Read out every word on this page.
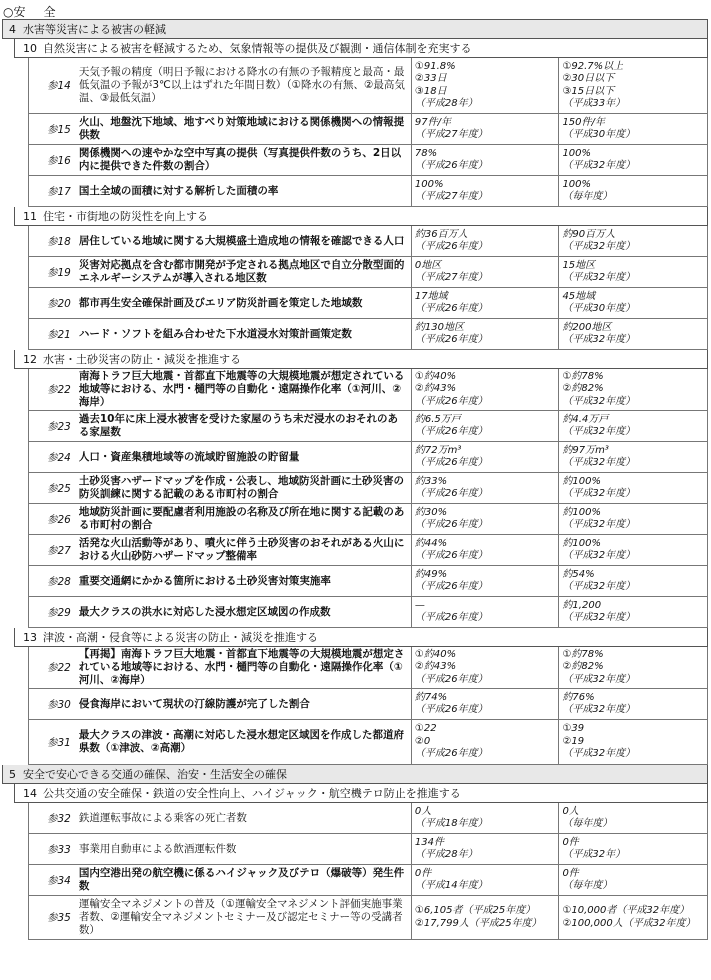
○安 全
4 水害等災害による被害の軽減
10 自然災害による被害を軽減するため、気象情報等の提供及び観測・通信体制を充実する
参14
天気予報の精度（明日予報における降水の有無の予報精度と最高・最低気温の予報が3℃以上はずれた年間日数）（①降水の有無、②最高気温、③最低気温）
①91.8%
②33日
③18日
（平成28年）
①92.7%以上
②30日以下
③15日以下
（平成33年）
参15
火山、地盤沈下地域、地すべり対策地域における関係機関への情報提供数
97件/年
（平成27年度）
150件/年
（平成30年度）
参16
関係機関への速やかな空中写真の提供（写真提供件数のうち、2日以内に提供できた件数の割合）
78%
（平成26年度）
100%
（平成32年度）
参17 国土全域の面積に対する解析した面積の率
100%
（平成27年度）
100%
（毎年度）
11 住宅・市街地の防災性を向上する
参18 居住している地域に関する大規模盛土造成地の情報を確認できる人口
約36百万人
（平成26年度）
約90百万人
（平成32年度）
参19
災害対応拠点を含む都市開発が予定される拠点地区で自立分散型面的エネルギーシステムが導入される地区数
0地区
（平成27年度）
15地区
（平成32年度）
参20 都市再生安全確保計画及びエリア防災計画を策定した地域数
17地域
（平成26年度）
45地域
（平成30年度）
参21 ハード・ソフトを組み合わせた下水道浸水対策計画策定数
約130地区
（平成26年度）
約200地区
（平成32年度）
12 水害・土砂災害の防止・減災を推進する
参22
南海トラフ巨大地震・首都直下地震等の大規模地震が想定されている地域等における、水門・樋門等の自動化・遠隔操作化率（①河川、②海岸）
①約40%
②約43%
（平成26年度）
①約78%
②約82%
（平成32年度）
参23
過去10年に床上浸水被害を受けた家屋のうち未だ浸水のおそれのある家屋数
約6.5万戸
（平成26年度）
約4.4万戸
（平成32年度）
参24 人口・資産集積地域等の流域貯留施設の貯留量
約72万m³
（平成26年度）
約97万m³
（平成32年度）
参25
土砂災害ハザードマップを作成・公表し、地域防災計画に土砂災害の防災訓練に関する記載のある市町村の割合
約33%
（平成26年度）
約100%
（平成32年度）
参26
地域防災計画に要配慮者利用施設の名称及び所在地に関する記載のある市町村の割合
約30%
（平成26年度）
約100%
（平成32年度）
参27
活発な火山活動等があり、噴火に伴う土砂災害のおそれがある火山における火山砂防ハザードマップ整備率
約44%
（平成26年度）
約100%
（平成32年度）
参28 重要交通網にかかる箇所における土砂災害対策実施率
約49%
（平成26年度）
約54%
（平成32年度）
参29 最大クラスの洪水に対応した浸水想定区域図の作成数
—
（平成26年度）
約1,200
（平成32年度）
13 津波・高潮・侵食等による災害の防止・減災を推進する
参22
【再掲】南海トラフ巨大地震・首都直下地震等の大規模地震が想定されている地域等における、水門・樋門等の自動化・遠隔操作化率（①河川、②海岸）
①約40%
②約43%
（平成26年度）
①約78%
②約82%
（平成32年度）
参30 侵食海岸において現状の汀線防護が完了した割合
約74%
（平成26年度）
約76%
（平成32年度）
参31
最大クラスの津波・高潮に対応した浸水想定区域図を作成した都道府県数（①津波、②高潮）
①22
②0
（平成26年度）
①39
②19
（平成32年度）
5 安全で安心できる交通の確保、治安・生活安全の確保
14 公共交通の安全確保・鉄道の安全性向上、ハイジャック・航空機テロ防止を推進する
参32 鉄道運転事故による乗客の死亡者数
0人
（平成18年度）
0人
（毎年度）
参33 事業用自動車による飲酒運転件数
134件
（平成28年）
0件
（平成32年）
参34
国内空港出発の航空機に係るハイジャック及びテロ（爆破等）発生件数
0件
（平成14年度）
0件
（毎年度）
参35
運輸安全マネジメントの普及（①運輸安全マネジメント評価実施事業者数、②運輸安全マネジメントセミナー及び認定セミナー等の受講者数）
①6,105者（平成25年度）
②17,799人（平成25年度）
①10,000者（平成32年度）
②100,000人（平成32年度）
